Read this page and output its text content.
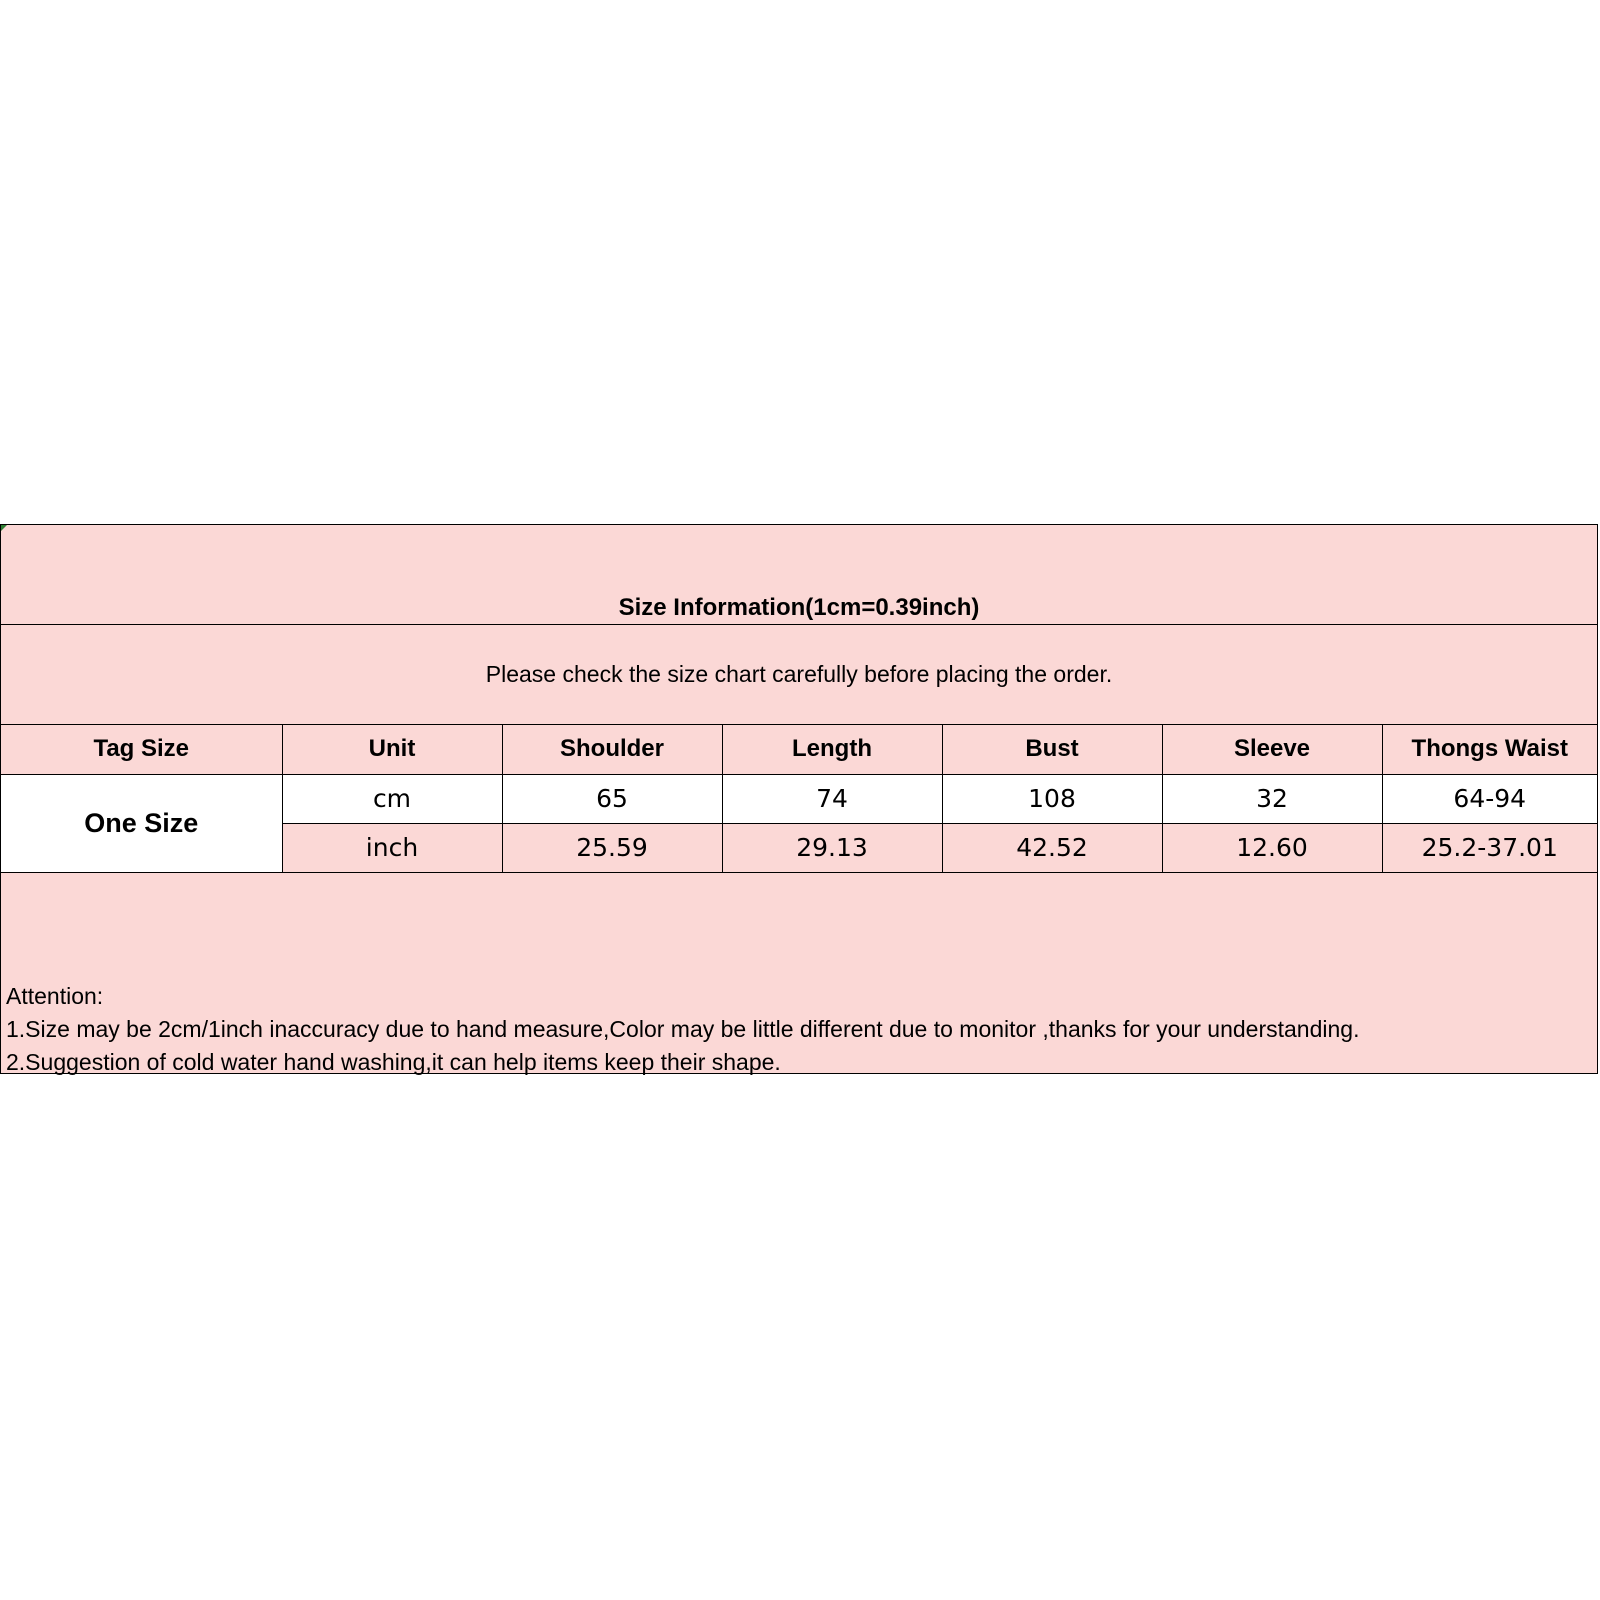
Size Information(1cm=0.39inch)
Please check the size chart carefully before placing the order.
Tag Size	Unit	Shoulder	Length	Bust	Sleeve	Thongs Waist
One Size	cm	65	74	108	32	64-94
	inch	25.59	29.13	42.52	12.60	25.2-37.01
Attention:
1.Size may be 2cm/1inch inaccuracy due to hand measure,Color may be little different due to monitor ,thanks for your understanding.
2.Suggestion of cold water hand washing,it can help items keep their shape.
